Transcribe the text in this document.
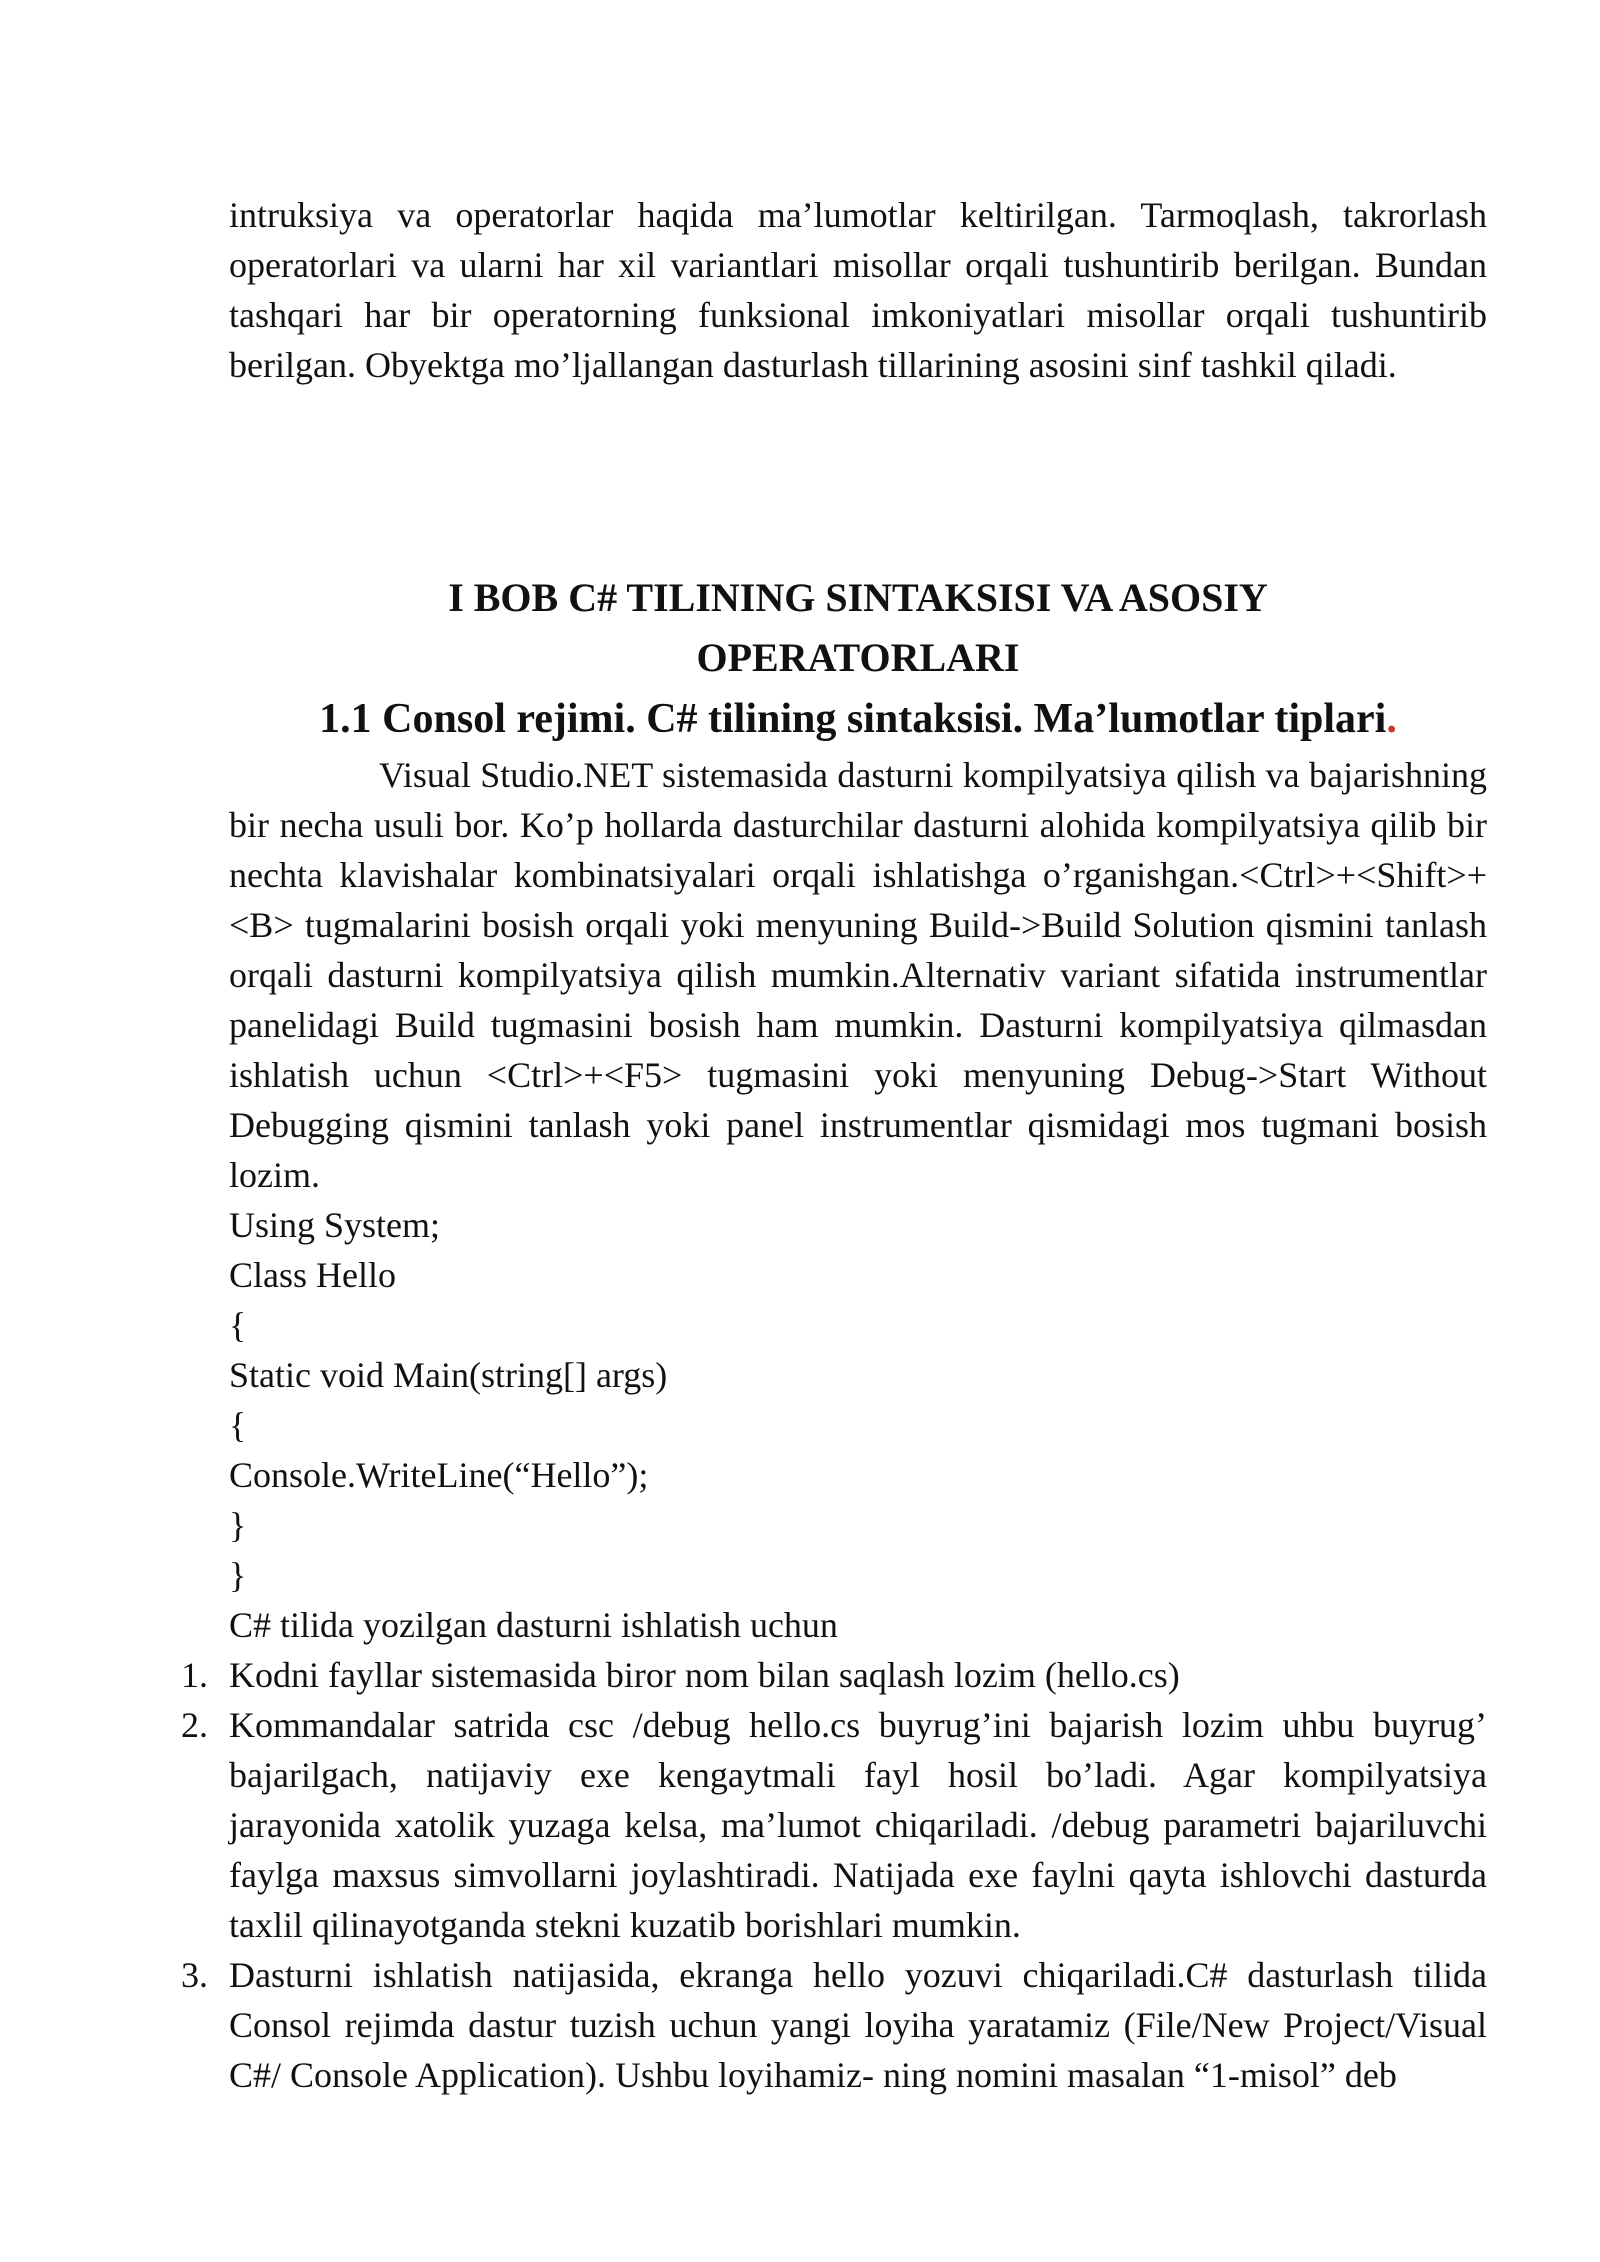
intruksiya va operatorlar haqida ma’lumotlar keltirilgan. Tarmoqlash, takrorlash operatorlari va ularni har xil variantlari misollar orqali tushuntirib berilgan. Bundan tashqari har bir operatorning funksional imkoniyatlari misollar orqali tushuntirib berilgan. Obyektga mo’ljallangan dasturlash tillarining asosini sinf tashkil qiladi.

I BOB C# TILINING SINTAKSISI VA ASOSIY
OPERATORLARI
1.1 Consol rejimi. C# tilining sintaksisi. Ma’lumotlar tiplari.

Visual Studio.NET sistemasida dasturni kompilyatsiya qilish va bajarishning bir necha usuli bor. Ko’p hollarda dasturchilar dasturni alohida kompilyatsiya qilib bir nechta klavishalar kombinatsiyalari orqali ishlatishga o’rganishgan.<Ctrl>+<Shift>+<B> tugmalarini bosish orqali yoki menyuning Build->Build Solution qismini tanlash orqali dasturni kompilyatsiya qilish mumkin.Alternativ variant sifatida instrumentlar panelidagi Build tugmasini bosish ham mumkin. Dasturni kompilyatsiya qilmasdan ishlatish uchun <Ctrl>+<F5> tugmasini yoki menyuning Debug->Start Without Debugging qismini tanlash yoki panel instrumentlar qismidagi mos tugmani bosish lozim.

Using System;

Class Hello

{

Static void Main(string[] args)

{

Console.WriteLine(“Hello”);

}

}

C# tilida yozilgan dasturni ishlatish uchun

1. Kodni fayllar sistemasida biror nom bilan saqlash lozim (hello.cs)
2. Kommandalar satrida csc /debug hello.cs buyrug’ini bajarish lozim uhbu buyrug’ bajarilgach, natijaviy exe kengaytmali fayl hosil bo’ladi. Agar kompilyatsiya jarayonida xatolik yuzaga kelsa, ma’lumot chiqariladi. /debug parametri bajariluvchi faylga maxsus simvollarni joylashtiradi. Natijada exe faylni qayta ishlovchi dasturda taxlil qilinayotganda stekni kuzatib borishlari mumkin.
3. Dasturni ishlatish natijasida, ekranga hello yozuvi chiqariladi.C# dasturlash tilida Consol rejimda dastur tuzish uchun yangi loyiha yaratamiz (File/New Project/Visual C#/ Console Application). Ushbu loyihamiz- ning nomini masalan “1-misol” deb
